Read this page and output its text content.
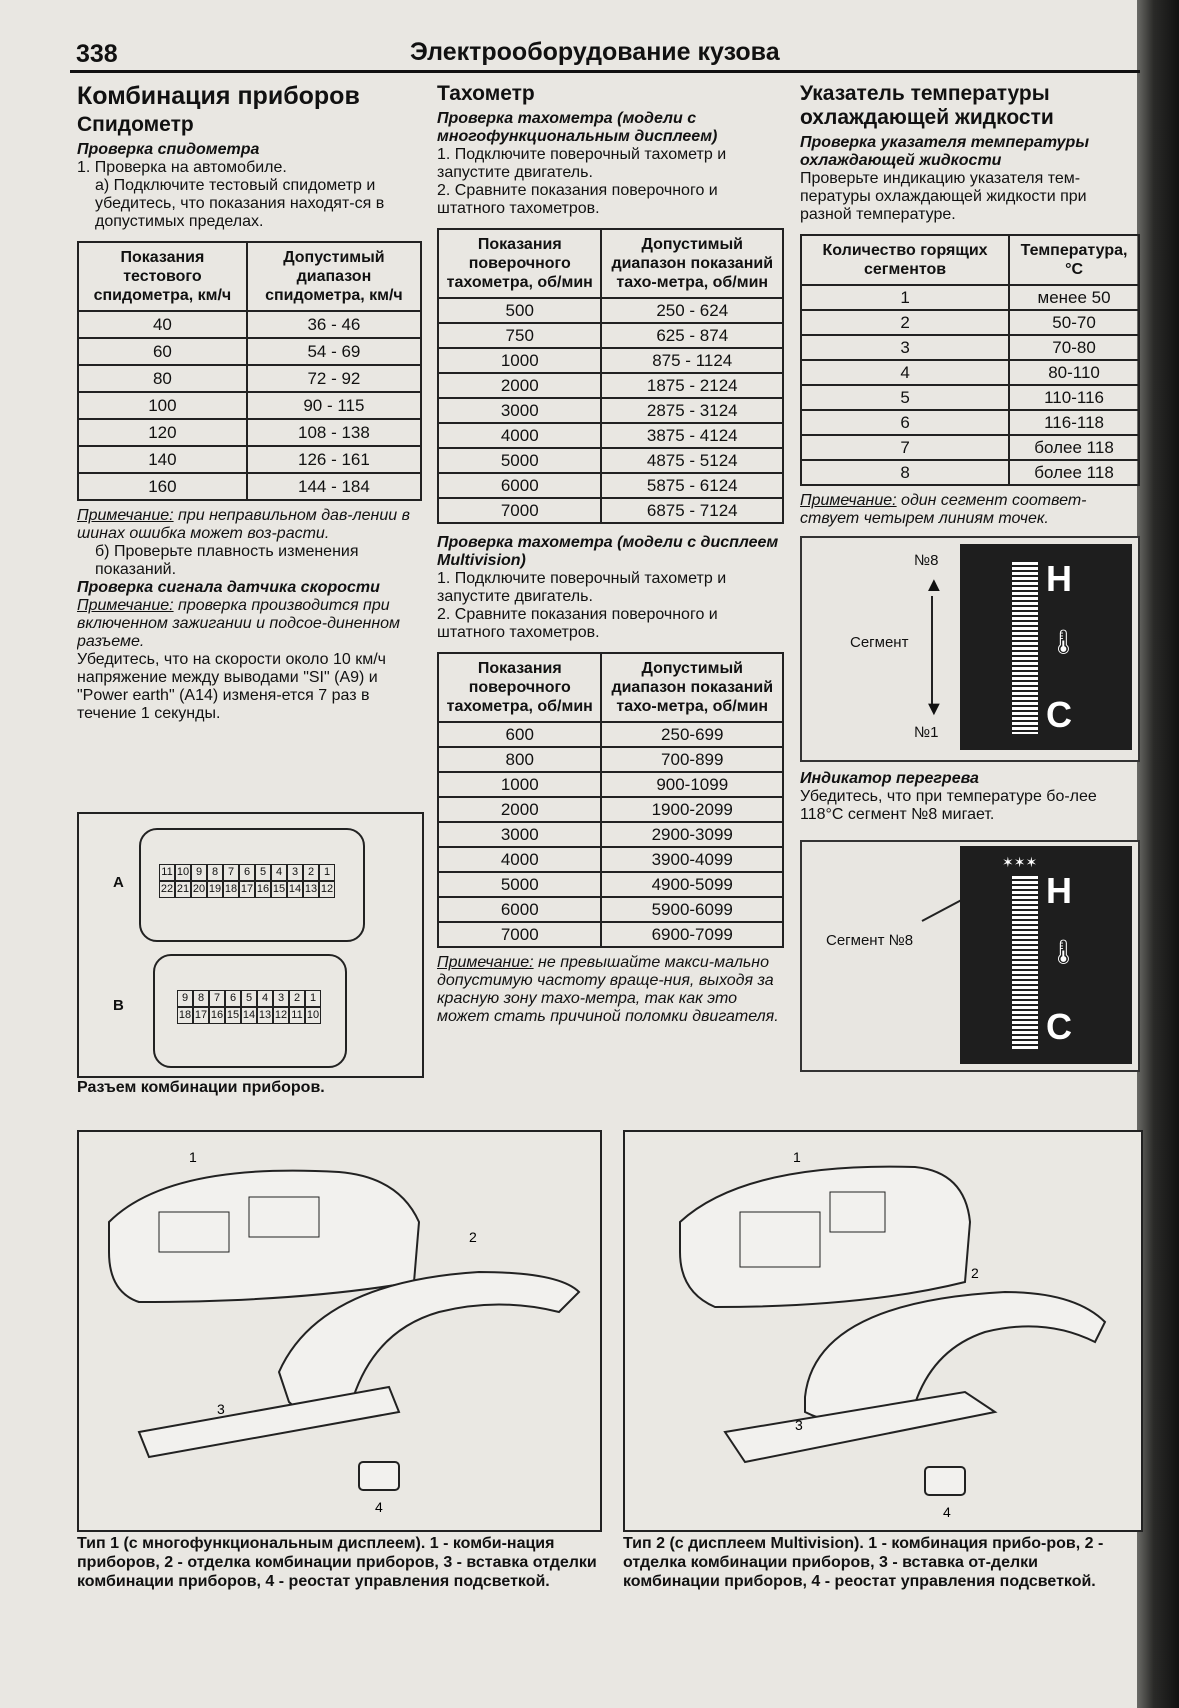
338	Электрооборудование кузова
Комбинация приборов
Спидометр
Проверка спидометра

1. Проверка на автомобиле.

а) Подключите тестовый спидометр и убедитесь, что показания находят-ся в допустимых пределах.

Показания тестового спидометра, км/ч	Допустимый диапазон спидометра, км/ч
40	36 - 46
60	54 - 69
80	72 - 92
100	90 - 115
120	108 - 138
140	126 - 161
160	144 - 184

Примечание: при неправильном дав-лении в шинах ошибка может воз-расти.

б) Проверьте плавность изменения показаний.

Проверка сигнала датчика скорости

Примечание: проверка производится при включенном зажигании и подсое-диненном разъеме.

Убедитесь, что на скорости около 10 км/ч напряжение между выводами "SI" (А9) и "Power earth" (А14) изменя-ется 7 раз в течение 1 секунды.

А
11 10 9 8 7 6 5 4 3 2 1
22 21 20 19 18 17 16 15 14 13 12
В	9 8 7 6 5 4 3 2 1
18 17 16 15 14 13 12 11 10
Разъем комбинации приборов.
Тахометр
Проверка тахометра (модели с многофункциональным дисплеем)

1. Подключите поверочный тахометр и запустите двигатель.

2. Сравните показания поверочного и штатного тахометров.

Показания поверочного тахометра, об/мин	Допустимый диапазон показаний тахо-метра, об/мин
500	250 - 624
750	625 - 874
1000	875 - 1124
2000	1875 - 2124
3000	2875 - 3124
4000	3875 - 4124
5000	4875 - 5124
6000	5875 - 6124
7000	6875 - 7124
Проверка тахометра (модели с дисплеем Multivision)

1. Подключите поверочный тахометр и запустите двигатель.

2. Сравните показания поверочного и штатного тахометров.

Показания поверочного тахометра, об/мин	Допустимый диапазон показаний тахо-метра, об/мин
600	250-699
800	700-899
1000	900-1099
2000	1900-2099
3000	2900-3099
4000	3900-4099
5000	4900-5099
6000	5900-6099
7000	6900-7099

Примечание: не превышайте макси-мально допустимую частоту враще-ния, выходя за красную зону тахо-метра, так как это может стать причиной поломки двигателя.

Указатель температуры охлаждающей жидкости
Проверка указателя температуры охлаждающей жидкости

Проверьте индикацию указателя тем-пературы охлаждающей жидкости при разной температуре.

Количество горящих сегментов	Температура, °С
1	менее 50
2	50-70
3	70-80
4	80-110
5	110-116
6	116-118
7	более 118
8	более 118

Примечание: один сегмент соответ-ствует четырем линиям точек.

№8
▲
▼
Сегмент
№1
H
🌡
C
Индикатор перегрева

Убедитесь, что при температуре бо-лее 118°С сегмент №8 мигает.

Сегмент №8
✶✶✶
H
🌡
C
1
2
3
4
Тип 1 (с многофункциональным дисплеем). 1 - комби-нация приборов, 2 - отделка комбинации приборов, 3 - вставка отделки комбинации приборов, 4 - реостат управления подсветкой.
1
2
3
4
Тип 2 (с дисплеем Multivision). 1 - комбинация прибо-ров, 2 - отделка комбинации приборов, 3 - вставка от-делки комбинации приборов, 4 - реостат управления подсветкой.
